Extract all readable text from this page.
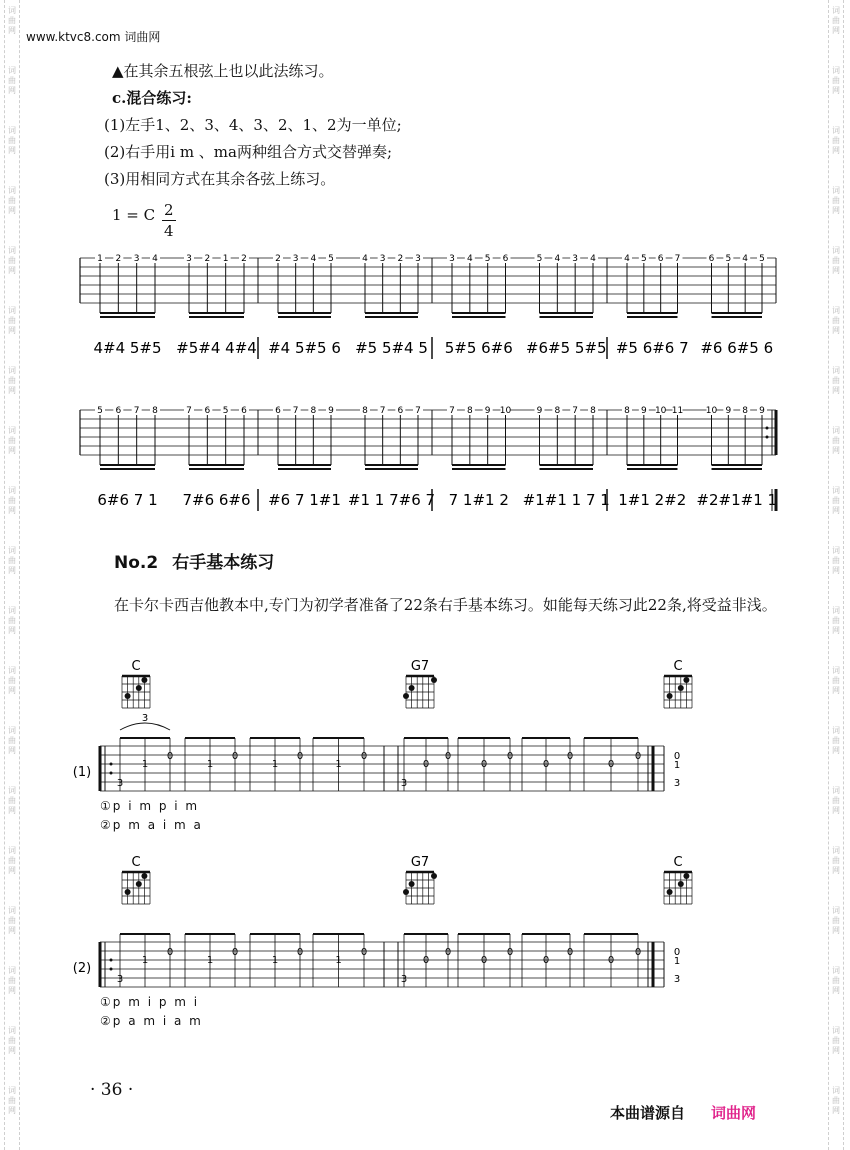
词
曲
网
词
曲
网
词
曲
网
词
曲
网
词
曲
网
词
曲
网
词
曲
网
词
曲
网
词
曲
网
词
曲
网
词
曲
网
词
曲
网
词
曲
网
词
曲
网
词
曲
网
词
曲
网
词
曲
网
词
曲
网
词
曲
网
词
曲
网
词
曲
网
词
曲
网
词
曲
网
词
曲
网
词
曲
网
词
曲
网
词
曲
网
词
曲
网
词
曲
网
词
曲
网
词
曲
网
词
曲
网
词
曲
网
词
曲
网
词
曲
网
词
曲
网
词
曲
网
词
曲
网
www.ktvc8.com 词曲网
▲在其余五根弦上也以此法练习。
c.混合练习:
(1)左手1、2、3、4、3、2、1、2为一单位;
(2)右手用i m 、ma两种组合方式交替弹奏;
(3)用相同方式在其余各弦上练习。
1 = C $\frac{2}{4}$
1 2 3 4
4#4 5#5
3 2 1 2
#5#4 4#4
2 3 4 5
#4 5#5 6
4 3 2 3
#5 5#4 5
3 4 5 6
5#5 6#6
5 4 3 4
#6#5 5#5
4 5 6 7
#5 6#6 7
6 5 4 5
#6 6#5 6
5 6 7 8
6#6 7 1
7 6 5 6
7#6 6#6
6 7 8 9
#6 7 1#1
8 7 6 7
#1 1 7#6 7
7 8 9 10
7 1#1 2
9 8 7 8
#1#1 1 7 1
8 9 10 11
1#1 2#2
10 9 8 9
#2#1#1 1
C	G7	C
(1)
3
1
0
1
0
1
0
1
0
3
0
0
0
0
0
0
0
0	0
1
3
3
C	G7	C
(2)
3
1
0
1
0
1
0
1
0
3
0
0
0
0
0
0
0
0	0
1
3
No.2 右手基本练习
在卡尔卡西吉他教本中,专门为初学者准备了22条右手基本练习。如能每天练习此22条,将受益非浅。
①p i m p i m
②p m a i m a
①p m i p m i
②p a m i a m
· 36 ·
本曲谱源自 词曲网
